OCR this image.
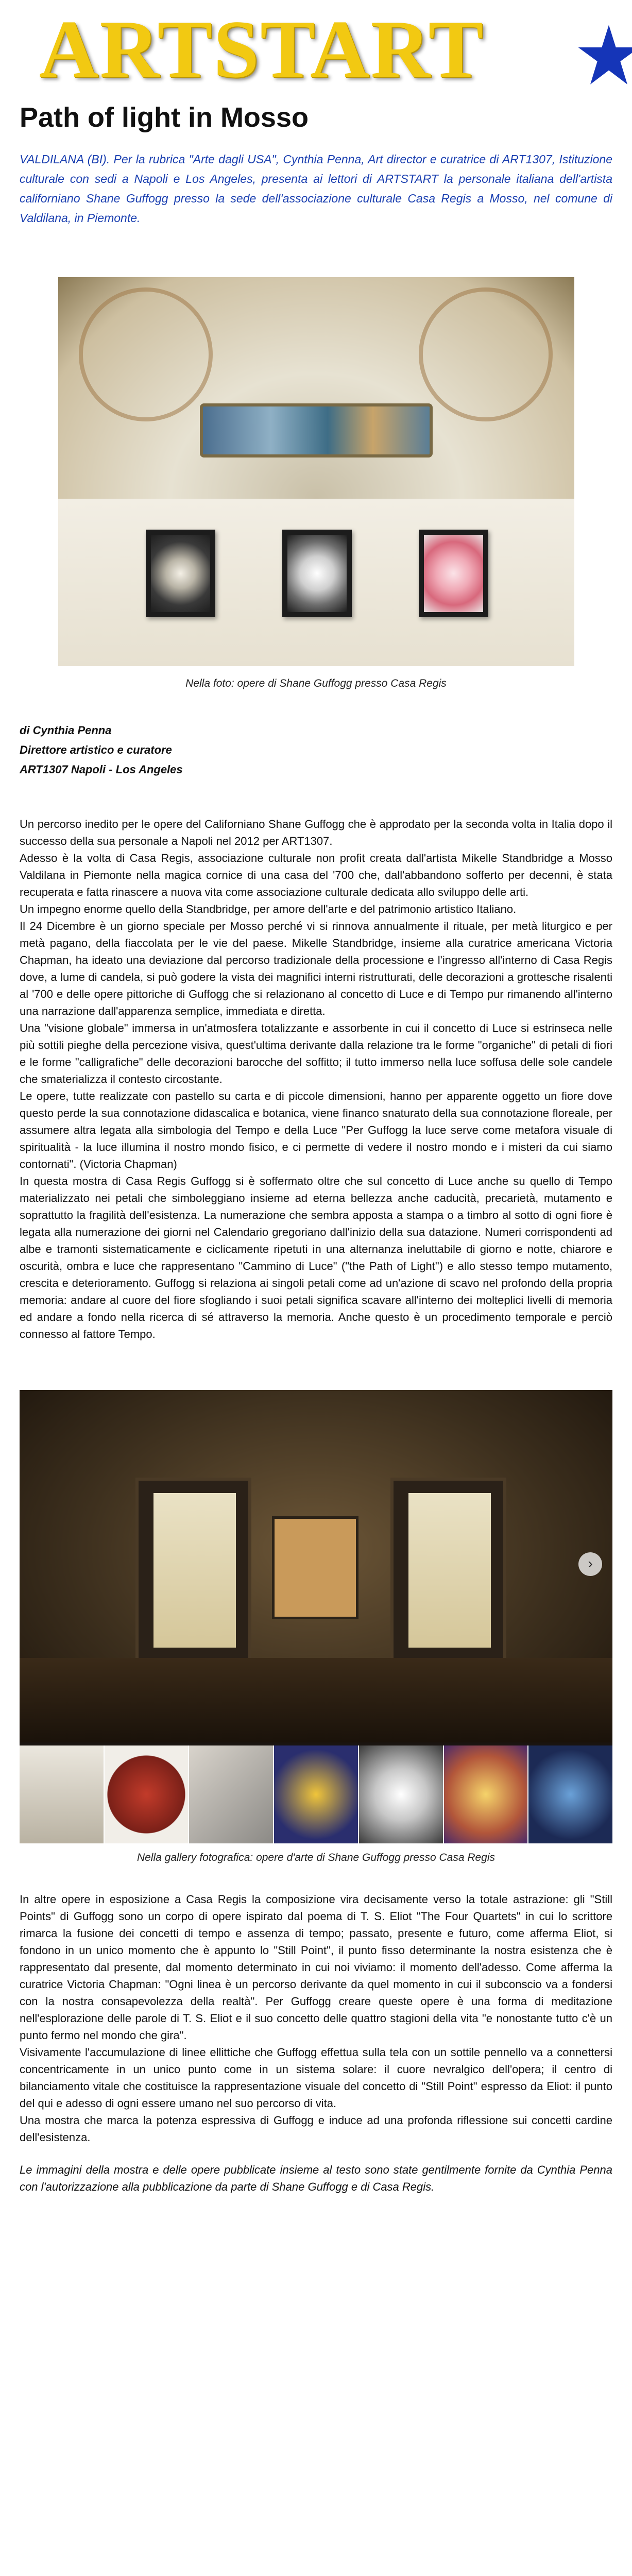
ARTSTART
Path of light in Mosso

VALDILANA (BI). Per la rubrica "Arte dagli USA", Cynthia Penna, Art director e curatrice di ART1307, Istituzione culturale con sedi a Napoli e Los Angeles, presenta ai lettori di ARTSTART la personale italiana dell'artista californiano Shane Guffogg presso la sede dell'associazione culturale Casa Regis a Mosso, nel comune di Valdilana, in Piemonte.

Nella foto: opere di Shane Guffogg presso Casa Regis
di Cynthia Penna
Direttore artistico e curatore
ART1307 Napoli - Los Angeles

Un percorso inedito per le opere del Californiano Shane Guffogg che è approdato per la seconda volta in Italia dopo il successo della sua personale a Napoli nel 2012 per ART1307.

Adesso è la volta di Casa Regis, associazione culturale non profit creata dall'artista Mikelle Standbridge a Mosso Valdilana in Piemonte nella magica cornice di una casa del '700 che, dall'abbandono sofferto per decenni, è stata recuperata e fatta rinascere a nuova vita come associazione culturale dedicata allo sviluppo delle arti.

Un impegno enorme quello della Standbridge, per amore dell'arte e del patrimonio artistico Italiano.

Il 24 Dicembre è un giorno speciale per Mosso perché vi si rinnova annualmente il rituale, per metà liturgico e per metà pagano, della fiaccolata per le vie del paese. Mikelle Standbridge, insieme alla curatrice americana Victoria Chapman, ha ideato una deviazione dal percorso tradizionale della processione e l'ingresso all'interno di Casa Regis dove, a lume di candela, si può godere la vista dei magnifici interni ristrutturati, delle decorazioni a grottesche risalenti al '700 e delle opere pittoriche di Guffogg che si relazionano al concetto di Luce e di Tempo pur rimanendo all'interno una narrazione dall'apparenza semplice, immediata e diretta.

Una "visione globale" immersa in un'atmosfera totalizzante e assorbente in cui il concetto di Luce si estrinseca nelle più sottili pieghe della percezione visiva, quest'ultima derivante dalla relazione tra le forme "organiche" di petali di fiori e le forme "calligrafiche" delle decorazioni barocche del soffitto; il tutto immerso nella luce soffusa delle sole candele che smaterializza il contesto circostante.

Le opere, tutte realizzate con pastello su carta e di piccole dimensioni, hanno per apparente oggetto un fiore dove questo perde la sua connotazione didascalica e botanica, viene financo snaturato della sua connotazione floreale, per assumere altra legata alla simbologia del Tempo e della Luce "Per Guffogg la luce serve come metafora visuale di spiritualità - la luce illumina il nostro mondo fisico, e ci permette di vedere il nostro mondo e i misteri da cui siamo contornati". (Victoria Chapman)

In questa mostra di Casa Regis Guffogg si è soffermato oltre che sul concetto di Luce anche su quello di Tempo materializzato nei petali che simboleggiano insieme ad eterna bellezza anche caducità, precarietà, mutamento e soprattutto la fragilità dell'esistenza. La numerazione che sembra apposta a stampa o a timbro al sotto di ogni fiore è legata alla numerazione dei giorni nel Calendario gregoriano dall'inizio della sua datazione. Numeri corrispondenti ad albe e tramonti sistematicamente e ciclicamente ripetuti in una alternanza ineluttabile di giorno e notte, chiarore e oscurità, ombra e luce che rappresentano "Cammino di Luce" ("the Path of Light") e allo stesso tempo mutamento, crescita e deterioramento. Guffogg si relaziona ai singoli petali come ad un'azione di scavo nel profondo della propria memoria: andare al cuore del fiore sfogliando i suoi petali significa scavare all'interno dei molteplici livelli di memoria ed andare a fondo nella ricerca di sé attraverso la memoria. Anche questo è un procedimento temporale e perciò connesso al fattore Tempo.

›
Nella gallery fotografica: opere d'arte di Shane Guffogg presso Casa Regis

In altre opere in esposizione a Casa Regis la composizione vira decisamente verso la totale astrazione: gli "Still Points" di Guffogg sono un corpo di opere ispirato dal poema di T. S. Eliot "The Four Quartets" in cui lo scrittore rimarca la fusione dei concetti di tempo e assenza di tempo; passato, presente e futuro, come afferma Eliot, si fondono in un unico momento che è appunto lo "Still Point", il punto fisso determinante la nostra esistenza che è rappresentato dal presente, dal momento determinato in cui noi viviamo: il momento dell'adesso. Come afferma la curatrice Victoria Chapman: "Ogni linea è un percorso derivante da quel momento in cui il subconscio va a fondersi con la nostra consapevolezza della realtà". Per Guffogg creare queste opere è una forma di meditazione nell'esplorazione delle parole di T. S. Eliot e il suo concetto delle quattro stagioni della vita "e nonostante tutto c'è un punto fermo nel mondo che gira".

Visivamente l'accumulazione di linee ellittiche che Guffogg effettua sulla tela con un sottile pennello va a connettersi concentricamente in un unico punto come in un sistema solare: il cuore nevralgico dell'opera; il centro di bilanciamento vitale che costituisce la rappresentazione visuale del concetto di "Still Point" espresso da Eliot: il punto del qui e adesso di ogni essere umano nel suo percorso di vita.

Una mostra che marca la potenza espressiva di Guffogg e induce ad una profonda riflessione sui concetti cardine dell'esistenza.

Le immagini della mostra e delle opere pubblicate insieme al testo sono state gentilmente fornite da Cynthia Penna con l'autorizzazione alla pubblicazione da parte di Shane Guffogg e di Casa Regis.
